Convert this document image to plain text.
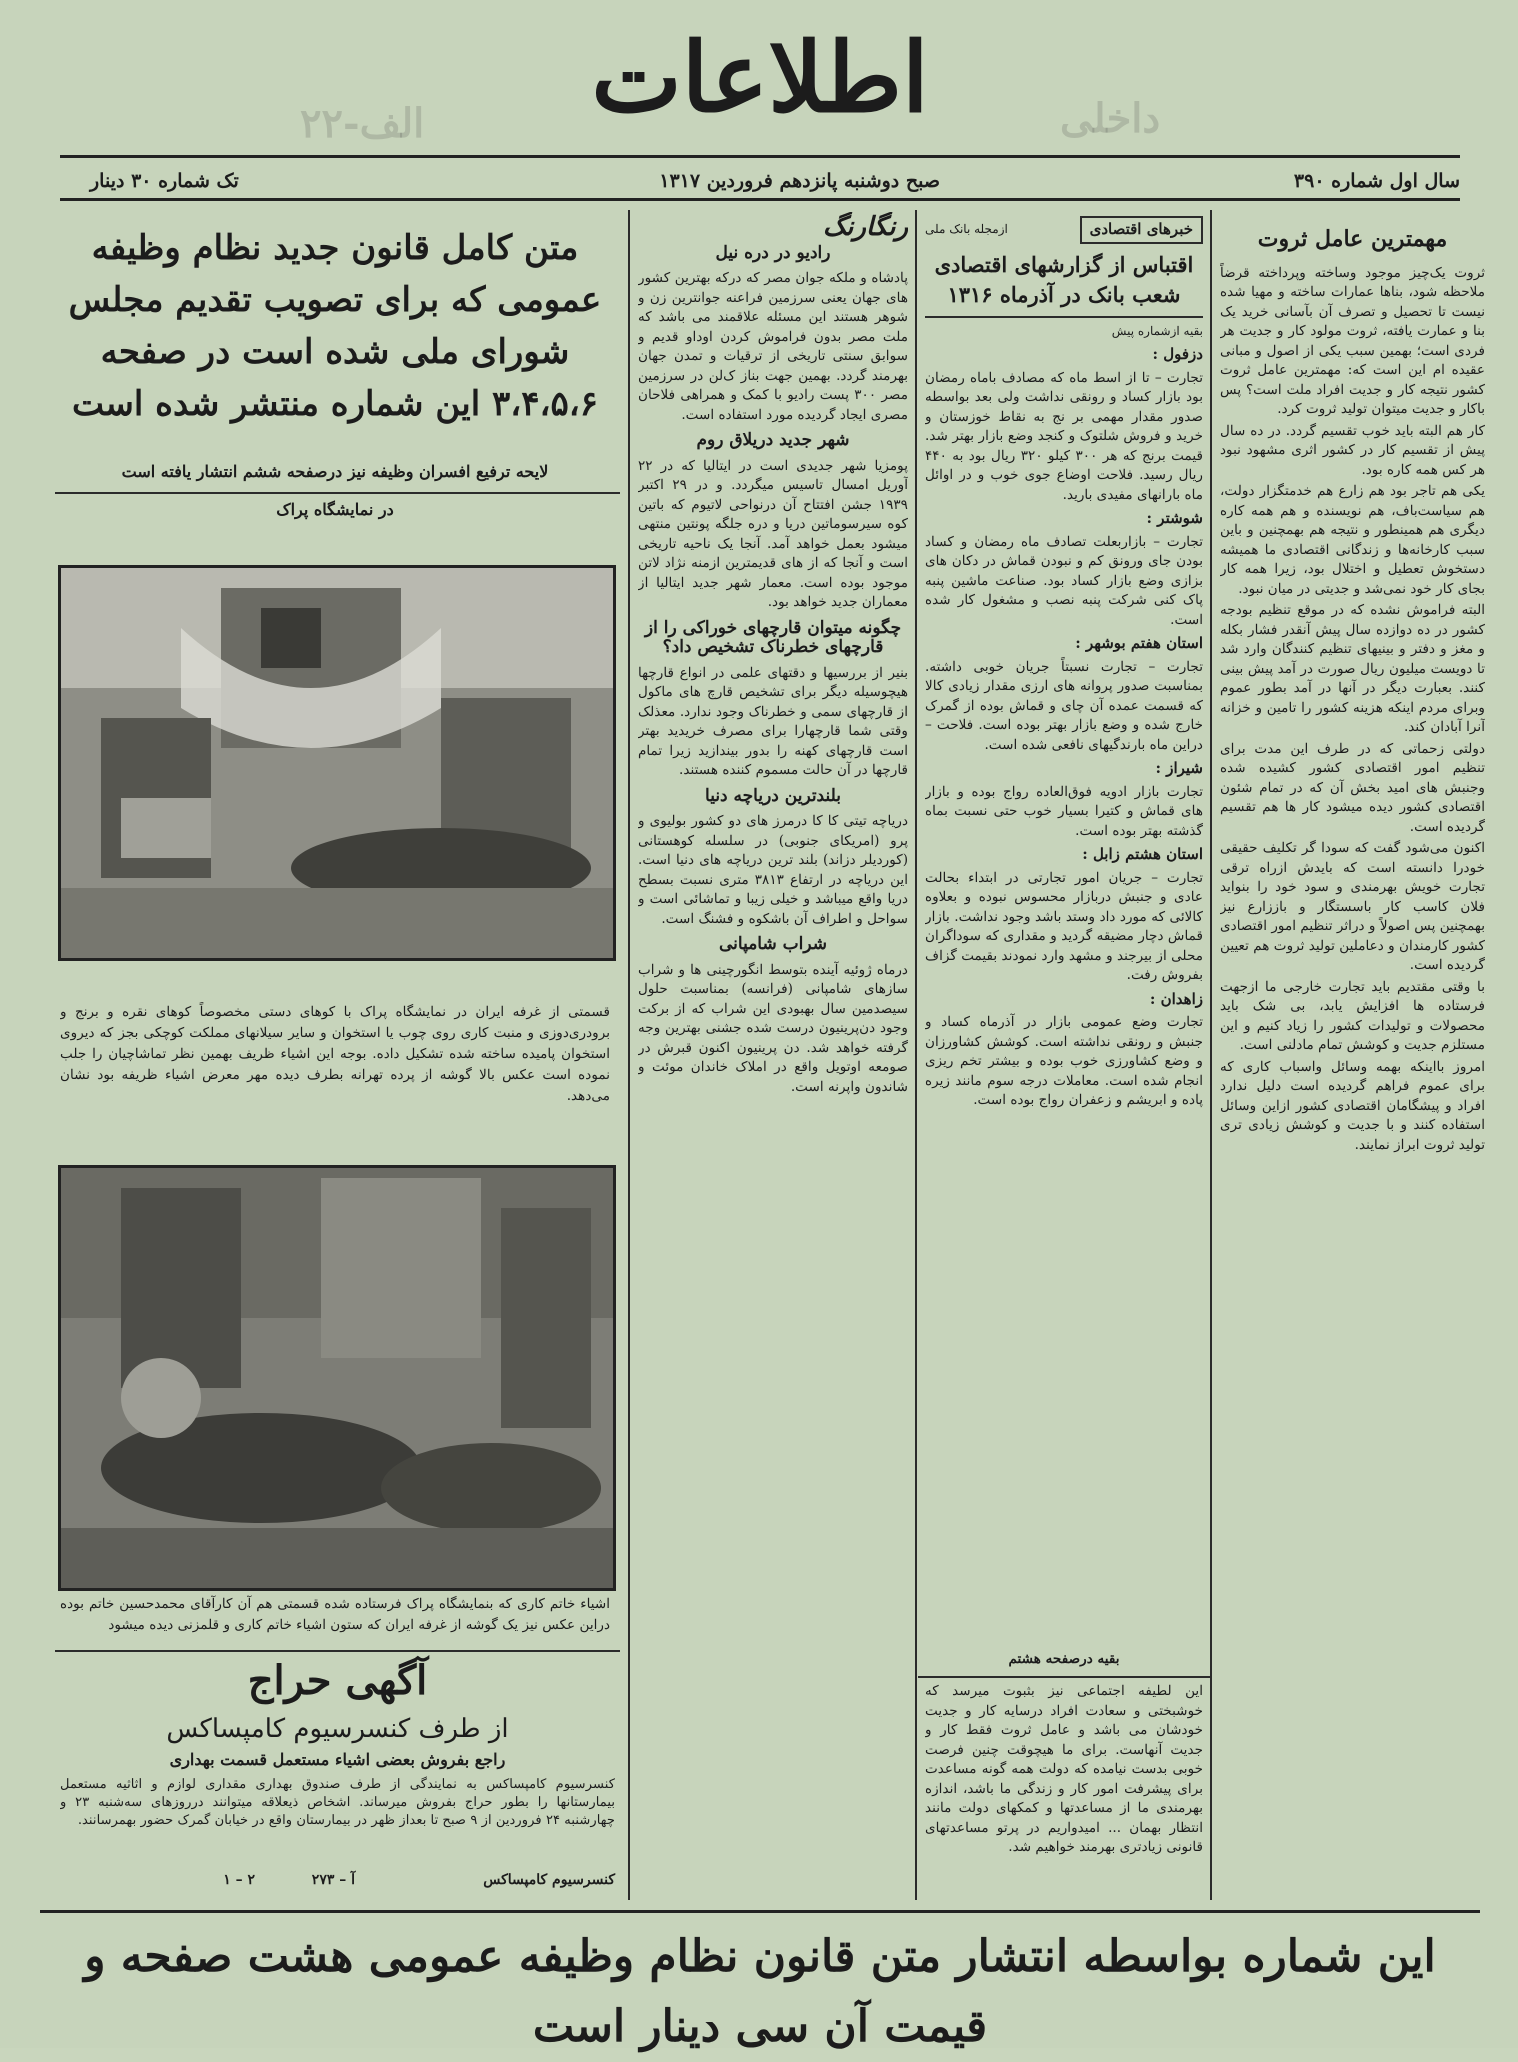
الف-۲۲	داخلی
اطلاعات
سال اول شماره ۳۹۰
صبح دوشنبه پانزدهم فروردین ۱۳۱۷
تک شماره ۳۰ دینار
مهمترین عامل ثروت

ثروت یک‌چیز موجود وساخته وپرداخته قرضاً ملاحظه شود، بناها عمارات ساخته و مهیا شده نیست تا تحصیل و تصرف آن بآسانی خرید یک بنا و عمارت یافته، ثروت مولود کار و جدیت هر فردی است؛ بهمین سبب یکی از اصول و مبانی عقیده ام این است که: مهمترین عامل ثروت کشور نتیجه کار و جدیت افراد ملت است؟ پس باکار و جدیت میتوان تولید ثروت کرد.

کار هم البته باید خوب تقسیم گردد. در ده سال پیش از تقسیم کار در کشور اثری مشهود نبود هر کس همه کاره بود.

یکی هم تاجر بود هم زارع هم خدمتگزار دولت، هم سیاست‌باف، هم نویسنده و هم همه کاره دیگری هم همینطور و نتیجه هم بهمچنین و باین سبب کارخانه‌ها و زندگانی اقتصادی ما همیشه دستخوش تعطیل و اختلال بود، زیرا همه کار بجای کار خود نمی‌شد و جدیتی در میان نبود.

البته فراموش نشده که در موقع تنظیم بودجه کشور در ده دوازده سال پیش آنقدر فشار بکله و مغز و دفتر و بینیهای تنظیم کنندگان وارد شد تا دویست میلیون ریال صورت در آمد پیش بینی کنند. بعبارت دیگر در آنها در آمد بطور عموم وبرای مردم اینکه هزینه کشور را تامین و خزانه آنرا آبادان کند.

دولتی زحماتی که در طرف این مدت برای تنظیم امور اقتصادی کشور کشیده شده وجنبش های امید بخش آن که در تمام شئون اقتصادی کشور دیده میشود کار ها هم تقسیم گردیده است.

اکنون می‌شود گفت که سودا گر تکلیف حقیقی خودرا دانسته است که بایدش ازراه ترقی تجارت خویش بهرمندی و سود خود را بنواید فلان کاسب کار باسستگار و باززارع نیز بهمچنین پس اصولاً و دراثر تنظیم امور اقتصادی کشور کارمندان و دعاملین تولید ثروت هم تعیین گردیده است.

با وقتی مقتدیم باید تجارت خارجی ما ازجهت فرستاده ها افزایش یابد، بی شک باید محصولات و تولیدات کشور را زیاد کنیم و این مستلزم جدیت و کوشش تمام مادلنی است.

امروز بااینکه بهمه وسائل واسباب کاری که برای عموم فراهم گردیده است دلیل ندارد افراد و پیشگامان اقتصادی کشور ازاین وسائل استفاده کنند و با جدیت و کوشش زیادی تری تولید ثروت ابراز نمایند.

خبرهای اقتصادی
ازمجله بانک ملی
اقتباس از گزارشهای اقتصادی شعب بانک در آذرماه ۱۳۱۶

بقیه ازشماره پیش

دزفول :

تجارت – تا از اسط ماه که مصادف باماه رمضان بود بازار کساد و رونقی نداشت ولی بعد بواسطه صدور مقدار مهمی بر نج به نقاط خوزستان و خرید و فروش شلتوک و کنجد وضع بازار بهتر شد. قیمت برنج که هر ۳۰۰ کیلو ۳۲۰ ریال بود به ۴۴۰ ریال رسید. فلاحت اوضاع جوی خوب و در اوائل ماه بارانهای مفیدی بارید.

شوشتر :

تجارت – بازاربعلت تصادف ماه رمضان و کساد بودن جای ورونق کم و نبودن قماش در دکان های بزازی وضع بازار کساد بود. صناعت ماشین پنبه پاک کنی شرکت پنبه نصب و مشغول کار شده است.

استان هفتم بوشهر :

تجارت – تجارت نسبتاً جریان خوبی داشته. بمناسبت صدور پروانه های ارزی مقدار زیادی کالا که قسمت عمده آن چای و قماش بوده از گمرک خارج شده و وضع بازار بهتر بوده است. فلاحت – دراین ماه بارندگیهای نافعی شده است.

شیراز :

تجارت بازار ادویه فوق‌العاده رواج بوده و بازار های قماش و کتیرا بسیار خوب حتی نسبت بماه گذشته بهتر بوده است.

استان هشتم زابل :

تجارت – جریان امور تجارتی در ابتداء بحالت عادی و جنبش دربازار محسوس نبوده و بعلاوه کالائی که مورد داد وستد باشد وجود نداشت. بازار قماش دچار مضیقه گردید و مقداری که سوداگران محلی از بیرجند و مشهد وارد نمودند بقیمت گزاف بفروش رفت.

زاهدان :

تجارت وضع عمومی بازار در آذرماه کساد و جنبش و رونقی نداشته است. کوشش کشاورزان و وضع کشاورزی خوب بوده و بیشتر تخم ریزی انجام شده است. معاملات درجه سوم مانند زیره پاده و ابریشم و زعفران رواج بوده است.

بقیه درصفحه هشتم

این لطیفه اجتماعی نیز بثبوت میرسد که خوشبختی و سعادت افراد درسایه کار و جدیت خودشان می باشد و عامل ثروت فقط کار و جدیت آنهاست. برای ما هیچوقت چنین فرصت خوبی بدست نیامده که دولت همه گونه مساعدت برای پیشرفت امور کار و زندگی ما باشد، اندازه بهرمندی ما از مساعدتها و کمکهای دولت مانند انتظار بهمان ... امیدواریم در پرتو مساعدتهای قانونی زیادتری بهرمند خواهیم شد.

رنگارنگ
رادیو در دره نیل

پادشاه و ملکه جوان مصر که درکه بهترین کشور های جهان یعنی سرزمین فراعنه جوانترین زن و شوهر هستند این مسئله علاقمند می باشد که ملت مصر بدون فراموش کردن اوداو قدیم و سوابق سنتی تاریخی از ترقیات و تمدن جهان بهرمند گردد. بهمین جهت بناز ک‌لن در سرزمین مصر ۳۰۰ پست رادیو با کمک و همراهی فلاحان مصری ایجاد گردیده مورد استفاده است.

شهر جدید دریلاق روم

پومزیا شهر جدیدی است در ایتالیا که در ۲۲ آوریل امسال تاسیس میگردد. و در ۲۹ اکتبر ۱۹۳۹ جشن افتتاح آن درنواحی لاتیوم که باتین کوه سیرسوماتین دریا و دره جلگه پونتین منتهی میشود بعمل خواهد آمد. آنجا یک ناحیه تاریخی است و آنجا که از های قدیمترین ازمنه نژاد لاتن موجود بوده است. معمار شهر جدید ایتالیا از معماران جدید خواهد بود.

چگونه میتوان قارچهای خوراکی را از قارچهای خطرناک تشخیص داد؟

بنیر از بررسیها و دقتهای علمی در انواع قارچها هیچوسیله دیگر برای تشخیص قارچ های ماکول از قارچهای سمی و خطرناک وجود ندارد. معذلک وقتی شما قارچهارا برای مصرف خریدید بهتر است قارچهای کهنه را بدور بیندازید زیرا تمام قارچها در آن حالت مسموم کننده هستند.

بلندترین دریاچه دنیا

دریاچه تیتی کا کا درمرز های دو کشور بولیوی و پرو (امریکای جنوبی) در سلسله کوهستانی (کوردیلر دزاند) بلند ترین دریاچه های دنیا است. این دریاچه در ارتفاع ۳۸۱۳ متری نسبت بسطح دریا واقع میباشد و خیلی زیبا و تماشائی است و سواحل و اطراف آن باشکوه و فشنگ است.

شراب شامپانی

درماه ژوئیه آینده بتوسط انگورچینی ها و شراب سازهای شامپانی (فرانسه) بمناسبت حلول سیصدمین سال بهبودی این شراب که از برکت وجود دن‌پرینیون درست شده جشنی بهترین وجه گرفته خواهد شد. دن پرینیون اکنون قبرش در صومعه اوتویل واقع در املاک خاندان موئت و شاندون واپرنه است.

متن کامل قانون جدید نظام وظیفه عمومی که برای تصویب تقدیم مجلس شورای ملی شده است در صفحه ۳،۴،۵،۶ این شماره منتشر شده است
لایحه ترفیع افسران وظیفه نیز درصفحه ششم انتشار یافته است
در نمایشگاه پراک
قسمتی از غرفه ایران در نمایشگاه پراک با کوهای دستی مخصوصاً کوهای نقره و برنج و برودری‌دوزی و منبت کاری روی چوب یا استخوان و سایر سیلانهای مملکت کوچکی بجز که دیروی استخوان پامیده ساخته شده تشکیل داده. بوجه این اشیاء ظریف بهمین نظر تماشاچیان را جلب نموده است عکس بالا گوشه از پرده تهرانه بطرف دیده مهر معرض اشیاء ظریفه بود نشان می‌دهد.
اشیاء خاتم کاری که بنمایشگاه پراک فرستاده شده قسمتی هم آن کارآقای محمدحسین خاتم بوده دراین عکس نیز یک گوشه از غرفه ایران که ستون اشیاء خاتم کاری و قلمزنی دیده میشود
آگهی حراج
از طرف کنسرسیوم کامپساکس
راجع بفروش بعضی اشیاء مستعمل قسمت بهداری
کنسرسیوم کامپساکس به نمایندگی از طرف صندوق بهداری مقداری لوازم و اثاثیه مستعمل بیمارستانها را بطور حراج بفروش میرساند. اشخاص ذیعلاقه میتوانند درروزهای سه‌شنبه ۲۳ و چهارشنبه ۲۴ فروردین از ۹ صبح تا بعداز ظهر در بیمارستان واقع در خیابان گمرک حضور بهمرسانند.
کنسرسیوم کامپساکس
آ – ۲۷۳
۲ – ۱
این شماره بواسطه انتشار متن قانون نظام وظیفه عمومی هشت صفحه و قیمت آن سی دینار است
